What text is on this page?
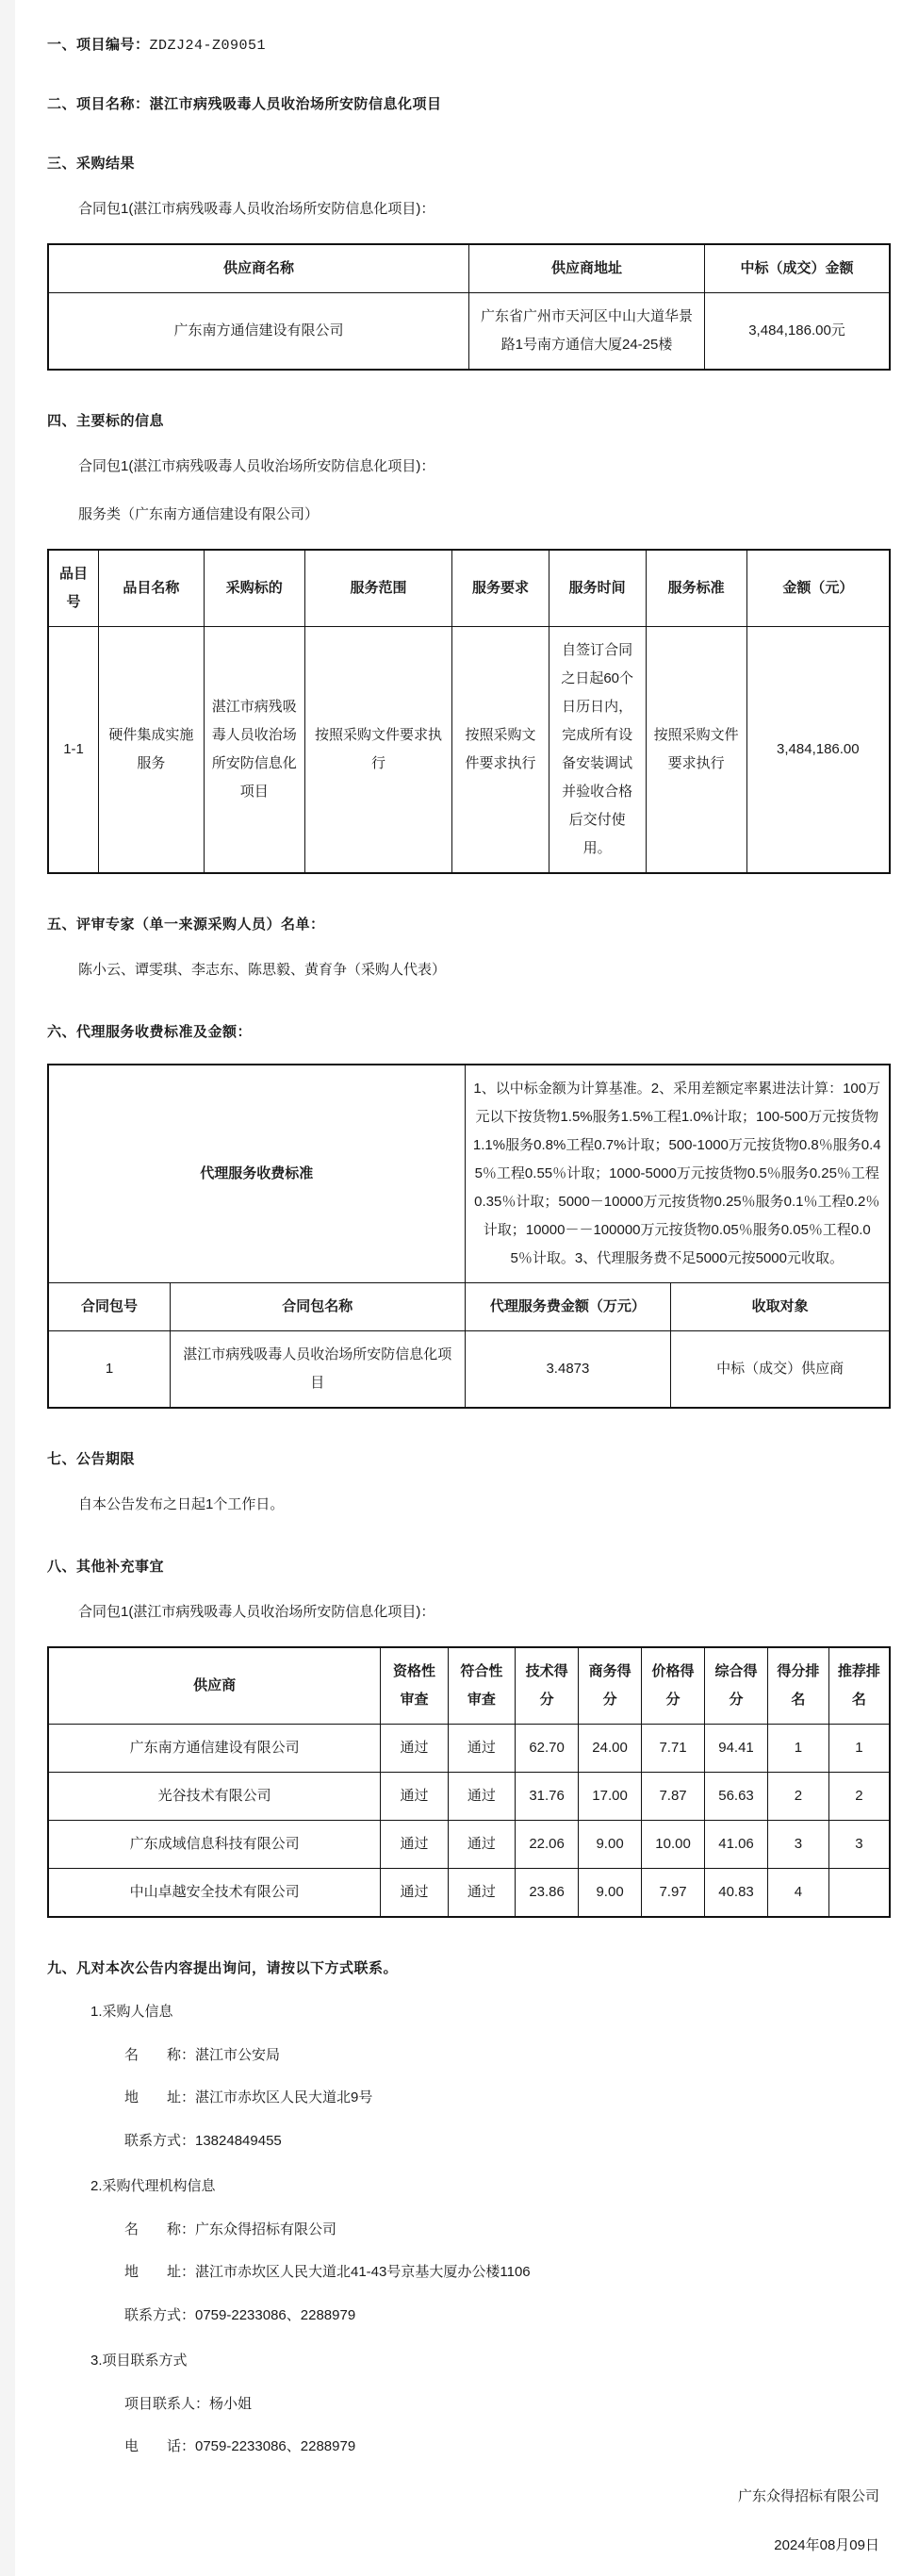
一、项目编号：ZDZJ24-Z09051
二、项目名称：湛江市病残吸毒人员收治场所安防信息化项目
三、采购结果
合同包1(湛江市病残吸毒人员收治场所安防信息化项目)：
供应商名称	供应商地址	中标（成交）金额
广东南方通信建设有限公司	广东省广州市天河区中山大道华景路1号南方通信大厦24-25楼	3,484,186.00元
四、主要标的信息
合同包1(湛江市病残吸毒人员收治场所安防信息化项目)：
服务类（广东南方通信建设有限公司）
品目号	品目名称	采购标的	服务范围	服务要求	服务时间	服务标准	金额（元）
1-1	硬件集成实施服务	湛江市病残吸毒人员收治场所安防信息化项目	按照采购文件要求执行	按照采购文件要求执行	自签订合同之日起60个日历日内，完成所有设备安装调试并验收合格后交付使用。	按照采购文件要求执行	3,484,186.00
五、评审专家（单一来源采购人员）名单：
陈小云、谭雯琪、李志东、陈思毅、黄育争（采购人代表）
六、代理服务收费标准及金额：
代理服务收费标准		1、以中标金额为计算基准。2、采用差额定率累进法计算：100万元以下按货物1.5%服务1.5%工程1.0%计取；100-500万元按货物1.1%服务0.8%工程0.7%计取；500-1000万元按货物0.8％服务0.45％工程0.55％计取；1000-5000万元按货物0.5％服务0.25％工程0.35％计取；5000－10000万元按货物0.25％服务0.1％工程0.2％计取；10000－－100000万元按货物0.05％服务0.05％工程0.05％计取。3、代理服务费不足5000元按5000元收取。	
合同包号	合同包名称	代理服务费金额（万元）	收取对象
1	湛江市病残吸毒人员收治场所安防信息化项目	3.4873	中标（成交）供应商
七、公告期限
自本公告发布之日起1个工作日。
八、其他补充事宜
合同包1(湛江市病残吸毒人员收治场所安防信息化项目)：
供应商	资格性审查	符合性审查	技术得分	商务得分	价格得分	综合得分	得分排名	推荐排名
广东南方通信建设有限公司	通过	通过	62.70	24.00	7.71	94.41	1	1
光谷技术有限公司	通过	通过	31.76	17.00	7.87	56.63	2	2
广东成域信息科技有限公司	通过	通过	22.06	9.00	10.00	41.06	3	3
中山卓越安全技术有限公司	通过	通过	23.86	9.00	7.97	40.83	4	
九、凡对本次公告内容提出询问，请按以下方式联系。
1.采购人信息
名　　称：湛江市公安局
地　　址：湛江市赤坎区人民大道北9号
联系方式：13824849455
2.采购代理机构信息
名　　称：广东众得招标有限公司
地　　址：湛江市赤坎区人民大道北41-43号京基大厦办公楼1106
联系方式：0759-2233086、2288979
3.项目联系方式
项目联系人：杨小姐
电　　话：0759-2233086、2288979
广东众得招标有限公司
2024年08月09日
